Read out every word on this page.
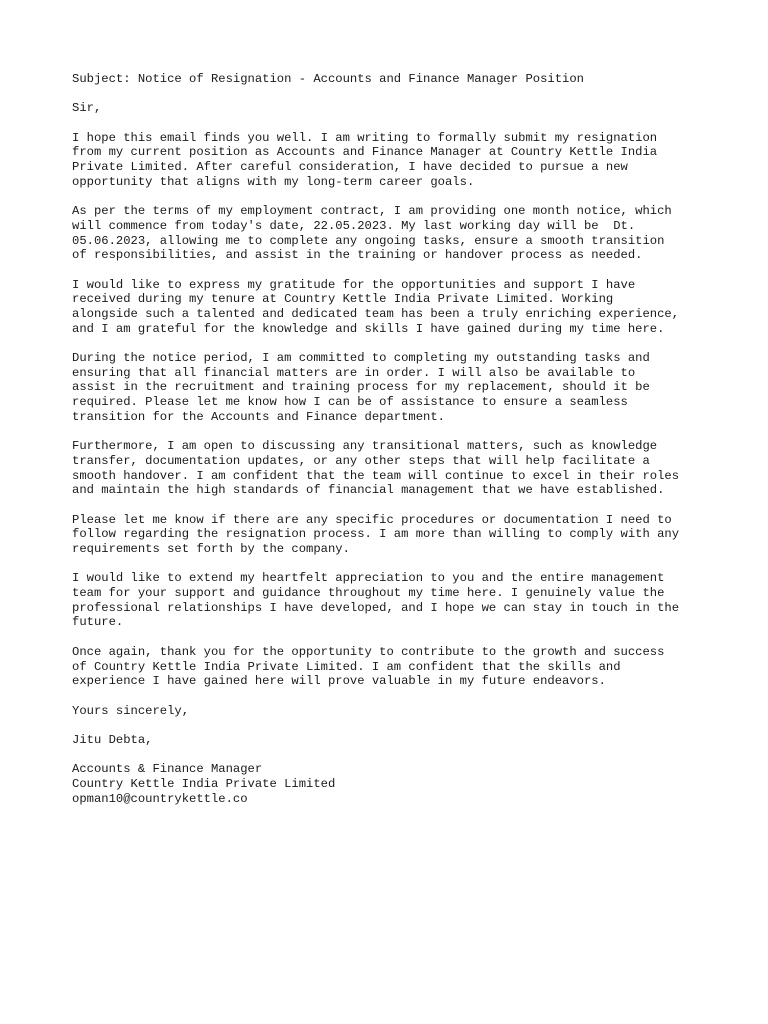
Subject: Notice of Resignation - Accounts and Finance Manager Position
Sir,
I hope this email finds you well. I am writing to formally submit my resignation
from my current position as Accounts and Finance Manager at Country Kettle India
Private Limited. After careful consideration, I have decided to pursue a new
opportunity that aligns with my long-term career goals.
As per the terms of my employment contract, I am providing one month notice, which
will commence from today's date, 22.05.2023. My last working day will be  Dt.
05.06.2023, allowing me to complete any ongoing tasks, ensure a smooth transition
of responsibilities, and assist in the training or handover process as needed.
I would like to express my gratitude for the opportunities and support I have
received during my tenure at Country Kettle India Private Limited. Working
alongside such a talented and dedicated team has been a truly enriching experience,
and I am grateful for the knowledge and skills I have gained during my time here.
During the notice period, I am committed to completing my outstanding tasks and
ensuring that all financial matters are in order. I will also be available to
assist in the recruitment and training process for my replacement, should it be
required. Please let me know how I can be of assistance to ensure a seamless
transition for the Accounts and Finance department.
Furthermore, I am open to discussing any transitional matters, such as knowledge
transfer, documentation updates, or any other steps that will help facilitate a
smooth handover. I am confident that the team will continue to excel in their roles
and maintain the high standards of financial management that we have established.
Please let me know if there are any specific procedures or documentation I need to
follow regarding the resignation process. I am more than willing to comply with any
requirements set forth by the company.
I would like to extend my heartfelt appreciation to you and the entire management
team for your support and guidance throughout my time here. I genuinely value the
professional relationships I have developed, and I hope we can stay in touch in the
future.
Once again, thank you for the opportunity to contribute to the growth and success
of Country Kettle India Private Limited. I am confident that the skills and
experience I have gained here will prove valuable in my future endeavors.
Yours sincerely,
Jitu Debta,
Accounts & Finance Manager
Country Kettle India Private Limited
opman10@countrykettle.co
